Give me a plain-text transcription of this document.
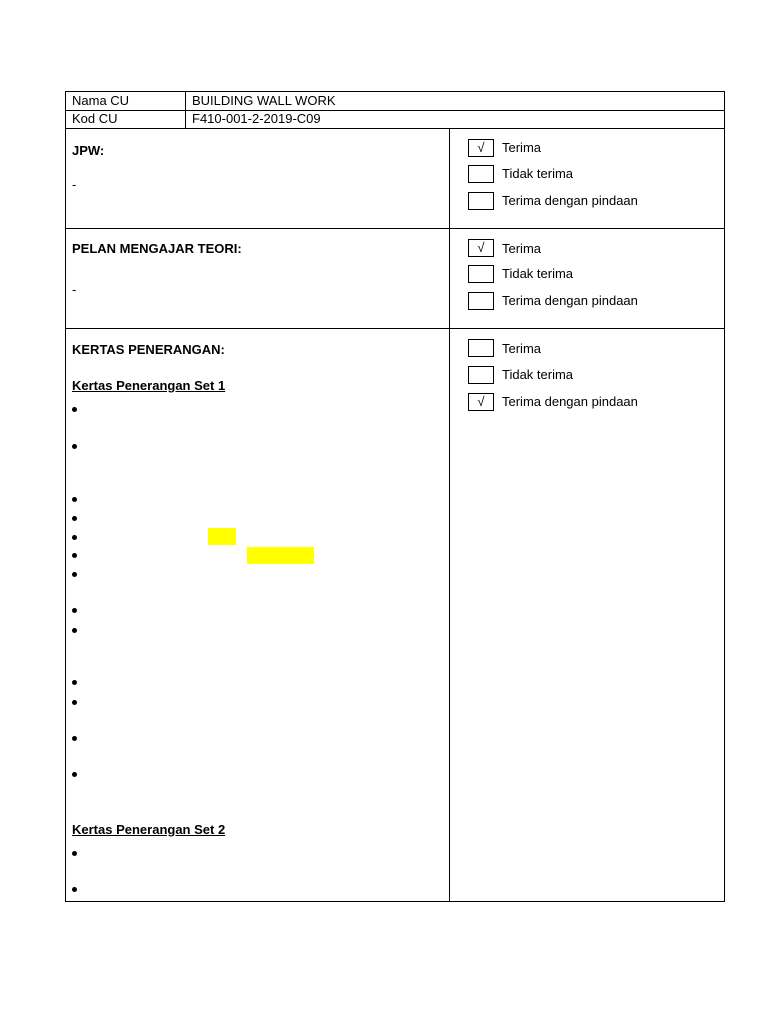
Nama CU	BUILDING WALL WORK
Kod CU	F410-001-2-2019-C09
JPW:
-
√	Terima
Tidak terima
Terima dengan pindaan
PELAN MENGAJAR TEORI:
-
√	Terima
Tidak terima
Terima dengan pindaan
KERTAS PENERANGAN:
Kertas Penerangan Set 1
Terima
Tidak terima
√	Terima dengan pindaan
Kertas Penerangan Set 2
